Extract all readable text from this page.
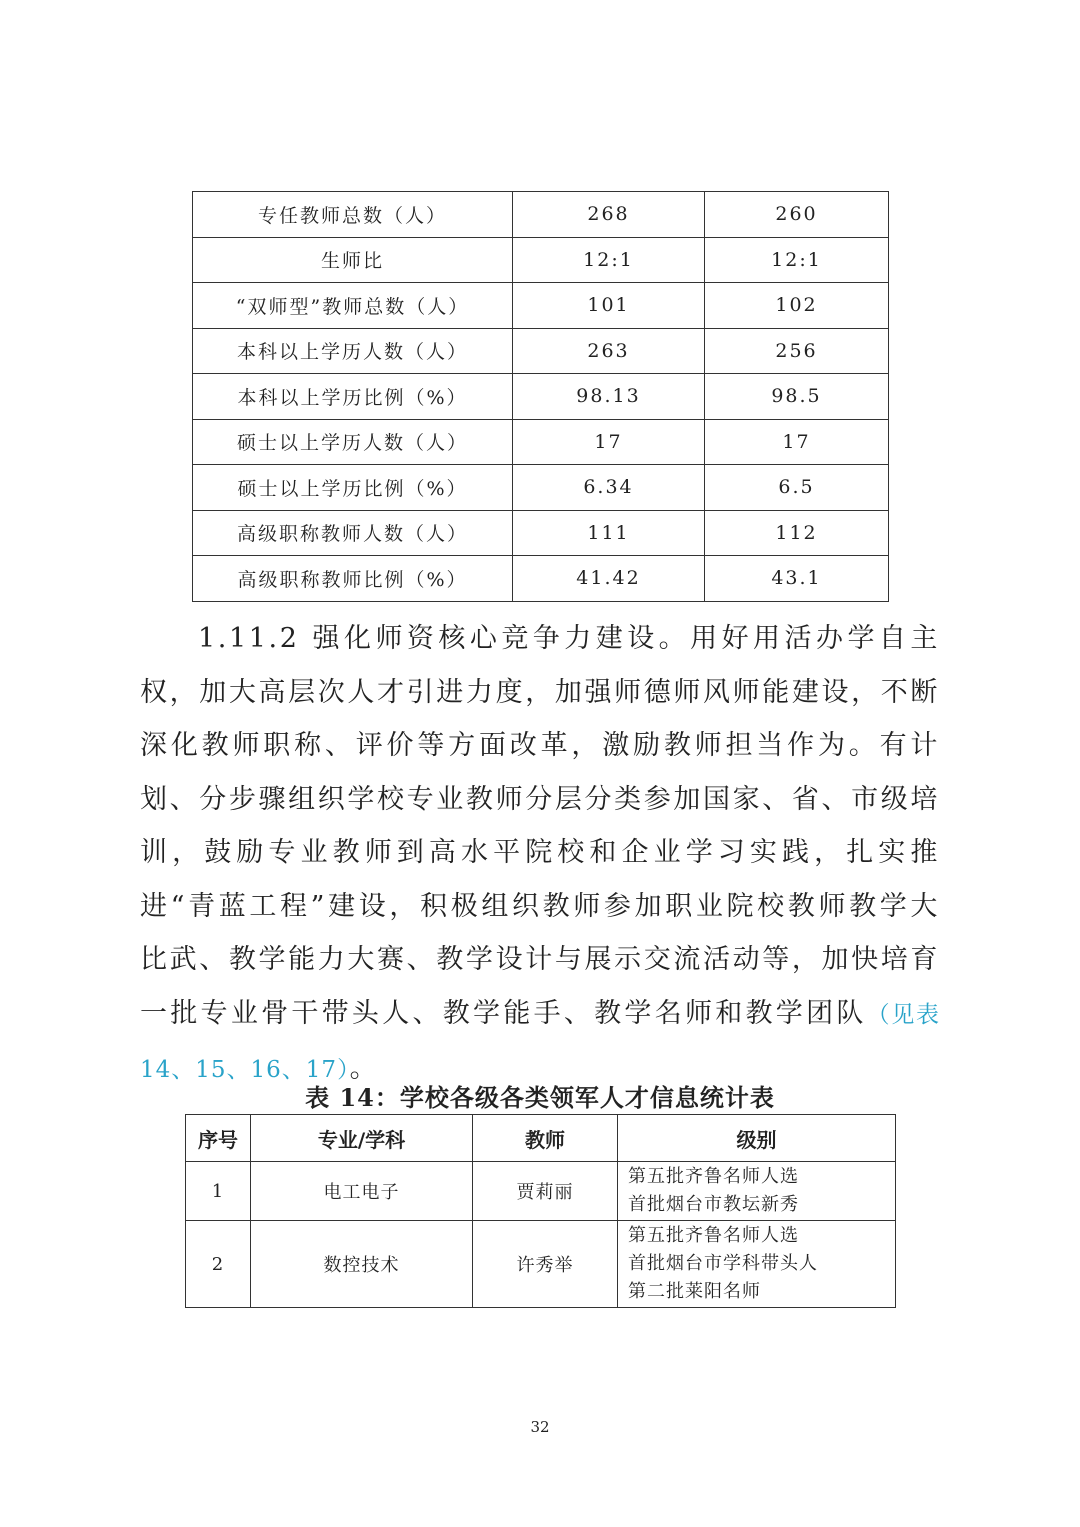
专任教师总数（人）	268	260
生师比	12:1	12:1
“双师型”教师总数（人）	101	102
本科以上学历人数（人）	263	256
本科以上学历比例（%）	98.13	98.5
硕士以上学历人数（人）	17	17
硕士以上学历比例（%）	6.34	6.5
高级职称教师人数（人）	111	112
高级职称教师比例（%）	41.42	43.1

1.11.2 强化师资核心竞争力建设。用好用活办学自主权，加大高层次人才引进力度，加强师德师风师能建设，不断深化教师职称、评价等方面改革，激励教师担当作为。有计划、分步骤组织学校专业教师分层分类参加国家、省、市级培训，鼓励专业教师到高水平院校和企业学习实践，扎实推进“青蓝工程”建设，积极组织教师参加职业院校教师教学大比武、教学能力大赛、教学设计与展示交流活动等，加快培育一批专业骨干带头人、教学能手、教学名师和教学团队（见表 14、15、16、17）。

表 14：学校各级各类领军人才信息统计表

序号	专业/学科	教师	级别
1	电工电子	贾莉丽	第五批齐鲁名师人选
首批烟台市教坛新秀

2	数控技术	许秀举	第五批齐鲁名师人选
首批烟台市学科带头人
第二批莱阳名师

32
